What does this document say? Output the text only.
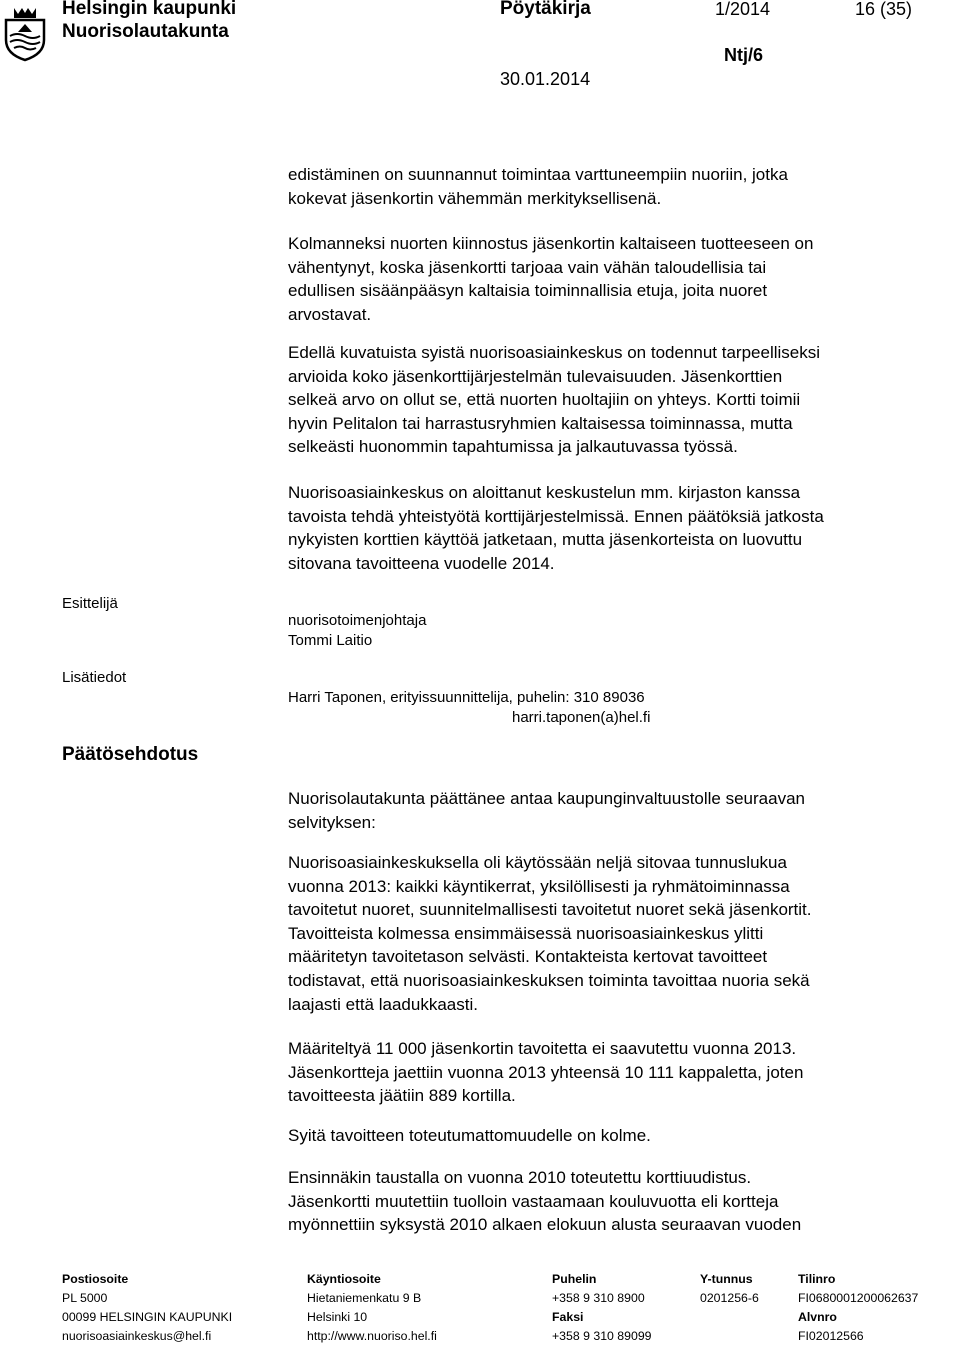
Helsingin kaupunki
Nuorisolautakunta
Pöytäkirja	1/2014	16 (35)
Ntj/6
30.01.2014

edistäminen on suunnannut toimintaa varttuneempiin nuoriin, jotka
kokevat jäsenkortin vähemmän merkityksellisenä.

Kolmanneksi nuorten kiinnostus jäsenkortin kaltaiseen tuotteeseen on
vähentynyt, koska jäsenkortti tarjoaa vain vähän taloudellisia tai
edullisen sisäänpääsyn kaltaisia toiminnallisia etuja, joita nuoret
arvostavat.

Edellä kuvatuista syistä nuorisoasiainkeskus on todennut tarpeelliseksi
arvioida koko jäsenkorttijärjestelmän tulevaisuuden. Jäsenkorttien
selkeä arvo on ollut se, että nuorten huoltajiin on yhteys. Kortti toimii
hyvin Pelitalon tai harrastusryhmien kaltaisessa toiminnassa, mutta
selkeästi huonommin tapahtumissa ja jalkautuvassa työssä.

Nuorisoasiainkeskus on aloittanut keskustelun mm. kirjaston kanssa
tavoista tehdä yhteistyötä korttijärjestelmissä. Ennen päätöksiä jatkosta
nykyisten korttien käyttöä jatketaan, mutta jäsenkorteista on luovuttu
sitovana tavoitteena vuodelle 2014.

Esittelijä
nuorisotoimenjohtaja
Tommi Laitio
Lisätiedot
Harri Taponen, erityissuunnittelija, puhelin: 310 89036
harri.taponen(a)hel.fi
Päätösehdotus

Nuorisolautakunta päättänee antaa kaupunginvaltuustolle seuraavan
selvityksen:

Nuorisoasiainkeskuksella oli käytössään neljä sitovaa tunnuslukua
vuonna 2013: kaikki käyntikerrat, yksilöllisesti ja ryhmätoiminnassa
tavoitetut nuoret, suunnitelmallisesti tavoitetut nuoret sekä jäsenkortit.
Tavoitteista kolmessa ensimmäisessä nuorisoasiainkeskus ylitti
määritetyn tavoitetason selvästi. Kontakteista kertovat tavoitteet
todistavat, että nuorisoasiainkeskuksen toiminta tavoittaa nuoria sekä
laajasti että laadukkaasti.

Määriteltyä 11 000 jäsenkortin tavoitetta ei saavutettu vuonna 2013.
Jäsenkortteja jaettiin vuonna 2013 yhteensä 10 111 kappaletta, joten
tavoitteesta jäätiin 889 kortilla.

Syitä tavoitteen toteutumattomuudelle on kolme.

Ensinnäkin taustalla on vuonna 2010 toteutettu korttiuudistus.
Jäsenkortti muutettiin tuolloin vastaamaan kouluvuotta eli kortteja
myönnettiin syksystä 2010 alkaen elokuun alusta seuraavan vuoden

Postiosoite
PL 5000
00099 HELSINGIN KAUPUNKI
nuorisoasiainkeskus@hel.fi
Käyntiosoite
Hietaniemenkatu 9 B
Helsinki 10
http://www.nuoriso.hel.fi
Puhelin
+358 9 310 8900
Faksi
+358 9 310 89099
Y-tunnus
0201256-6
Tilinro
FI0680001200062637
Alvnro
FI02012566
